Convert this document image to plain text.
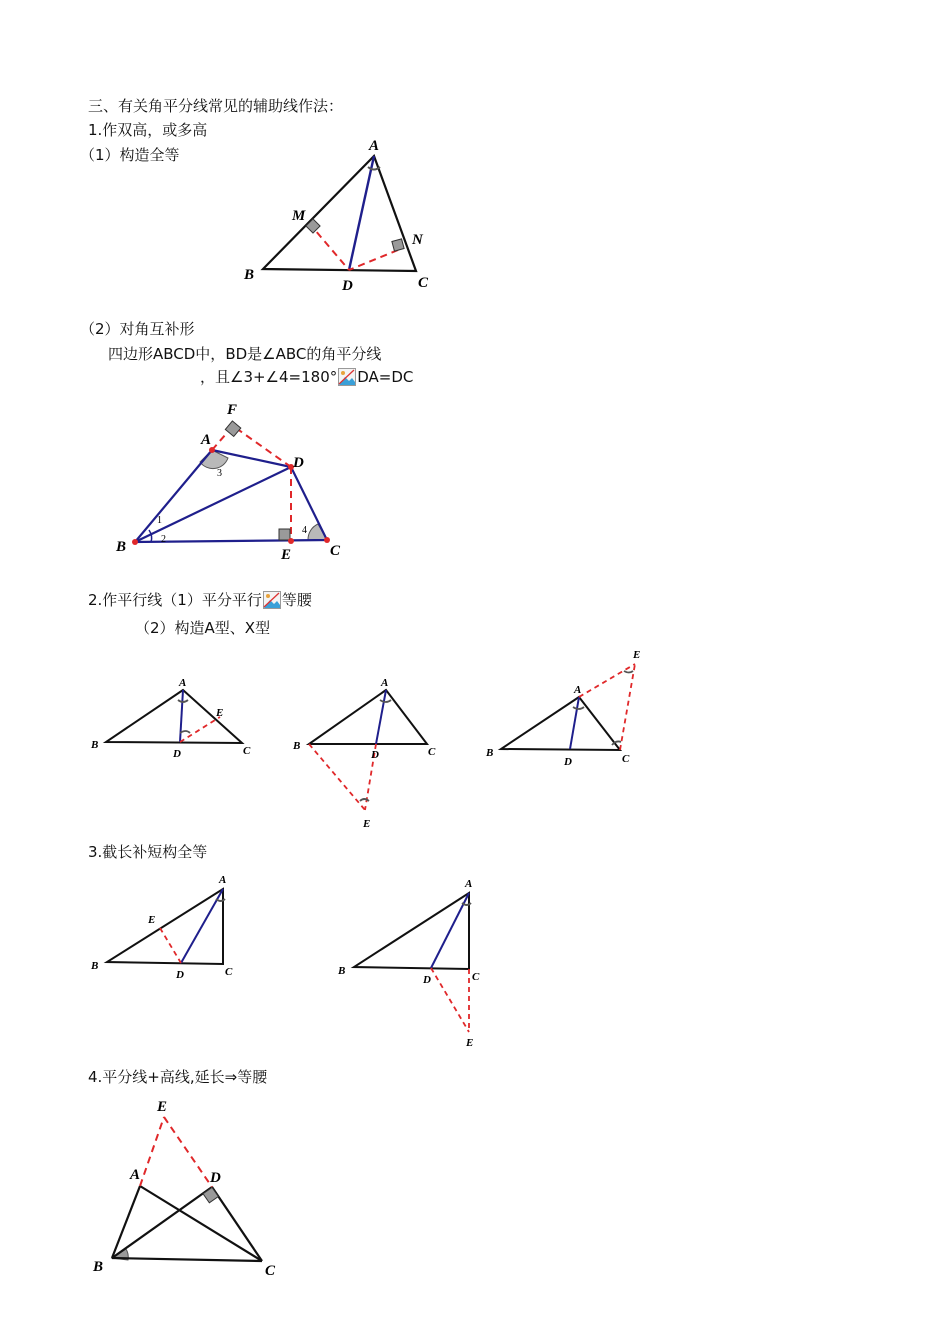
三、有关角平分线常见的辅助线作法：
1.作双高，或多高
（1）构造全等
（2）对角互补形
四边形ABCD中，BD是∠ABC的角平分线
，且∠3+∠4=180° DA=DC
2.作平行线（1）平分平行 等腰
（2）构造A型、X型
3.截长补短构全等
4.平分线+高线,延长⇒等腰
A
M
N
B
D	C
F
A
D
B	E	C
1
2
3
4
A
E
B
D	C
A
B
D	C
E
E
A
B
D	C
A
E
B
D	C
A
B
D	C
E
E
A	D
B	C
